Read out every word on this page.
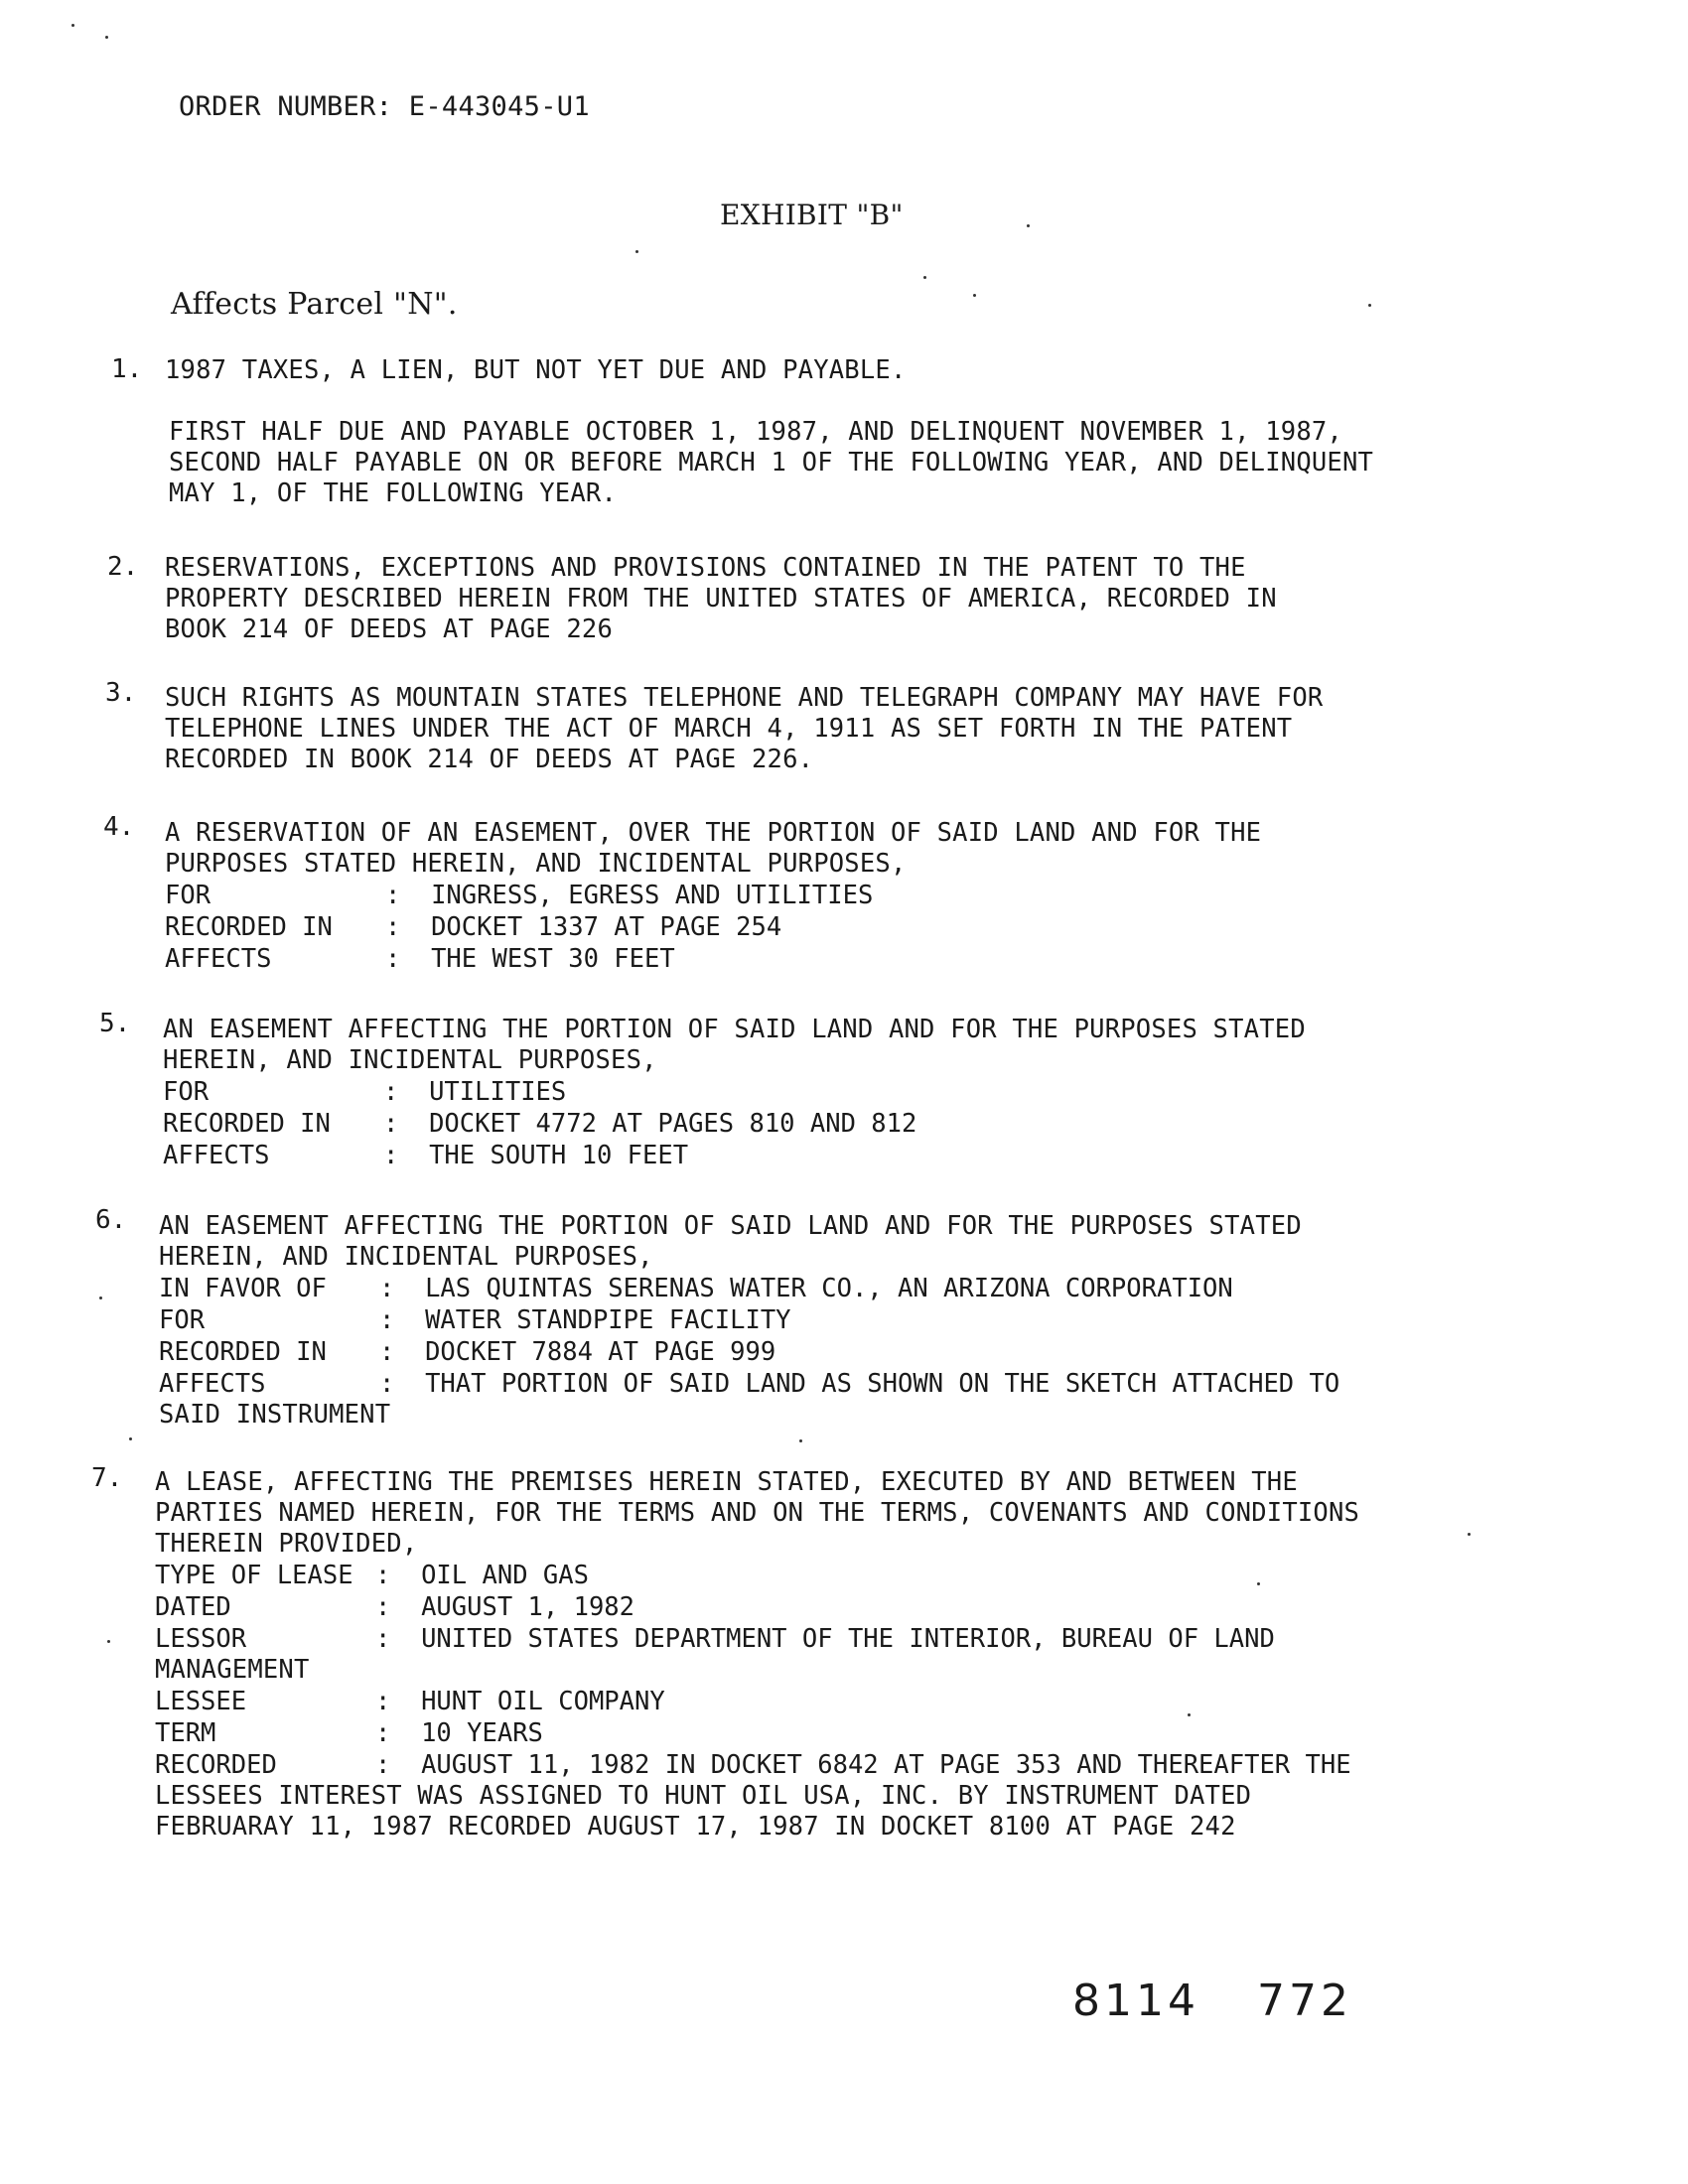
ORDER NUMBER: E-443045-U1
EXHIBIT "B"
Affects Parcel "N".
1. 1987 TAXES, A LIEN, BUT NOT YET DUE AND PAYABLE.
FIRST HALF DUE AND PAYABLE OCTOBER 1, 1987, AND DELINQUENT NOVEMBER 1, 1987,
SECOND HALF PAYABLE ON OR BEFORE MARCH 1 OF THE FOLLOWING YEAR, AND DELINQUENT
MAY 1, OF THE FOLLOWING YEAR.
2. RESERVATIONS, EXCEPTIONS AND PROVISIONS CONTAINED IN THE PATENT TO THE
PROPERTY DESCRIBED HEREIN FROM THE UNITED STATES OF AMERICA, RECORDED IN
BOOK 214 OF DEEDS AT PAGE 226
3. SUCH RIGHTS AS MOUNTAIN STATES TELEPHONE AND TELEGRAPH COMPANY MAY HAVE FOR
TELEPHONE LINES UNDER THE ACT OF MARCH 4, 1911 AS SET FORTH IN THE PATENT
RECORDED IN BOOK 214 OF DEEDS AT PAGE 226.
4. A RESERVATION OF AN EASEMENT, OVER THE PORTION OF SAID LAND AND FOR THE
PURPOSES STATED HEREIN, AND INCIDENTAL PURPOSES,
FOR	: INGRESS, EGRESS AND UTILITIES
RECORDED IN : DOCKET 1337 AT PAGE 254
AFFECTS	: THE WEST 30 FEET
5. AN EASEMENT AFFECTING THE PORTION OF SAID LAND AND FOR THE PURPOSES STATED
HEREIN, AND INCIDENTAL PURPOSES,
FOR	: UTILITIES
RECORDED IN : DOCKET 4772 AT PAGES 810 AND 812
AFFECTS	: THE SOUTH 10 FEET
6. AN EASEMENT AFFECTING THE PORTION OF SAID LAND AND FOR THE PURPOSES STATED
HEREIN, AND INCIDENTAL PURPOSES,
IN FAVOR OF : LAS QUINTAS SERENAS WATER CO., AN ARIZONA CORPORATION
FOR	: WATER STANDPIPE FACILITY
RECORDED IN : DOCKET 7884 AT PAGE 999
AFFECTS	: THAT PORTION OF SAID LAND AS SHOWN ON THE SKETCH ATTACHED TO
SAID INSTRUMENT
7. A LEASE, AFFECTING THE PREMISES HEREIN STATED, EXECUTED BY AND BETWEEN THE
PARTIES NAMED HEREIN, FOR THE TERMS AND ON THE TERMS, COVENANTS AND CONDITIONS
THEREIN PROVIDED,
TYPE OF LEASE : OIL AND GAS
DATED	: AUGUST 1, 1982
LESSOR	: UNITED STATES DEPARTMENT OF THE INTERIOR, BUREAU OF LAND
MANAGEMENT
LESSEE	: HUNT OIL COMPANY
TERM	: 10 YEARS
RECORDED	: AUGUST 11, 1982 IN DOCKET 6842 AT PAGE 353 AND THEREAFTER THE
LESSEES INTEREST WAS ASSIGNED TO HUNT OIL USA, INC. BY INSTRUMENT DATED
FEBRUARAY 11, 1987 RECORDED AUGUST 17, 1987 IN DOCKET 8100 AT PAGE 242
8114 772
